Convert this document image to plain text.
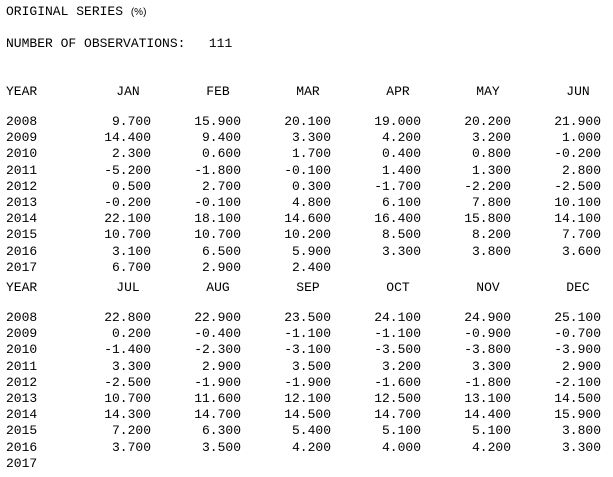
ORIGINAL SERIES (%)
NUMBER OF OBSERVATIONS: 111
YEAR	JAN	FEB	MAR	APR	MAY	JUN
2008	9.700	15.900	20.100	19.000	20.200	21.900
2009	14.400	9.400	3.300	4.200	3.200	1.000
2010	2.300	0.600	1.700	0.400	0.800	-0.200
2011	-5.200	-1.800	-0.100	1.400	1.300	2.800
2012	0.500	2.700	0.300	-1.700	-2.200	-2.500
2013	-0.200	-0.100	4.800	6.100	7.800	10.100
2014	22.100	18.100	14.600	16.400	15.800	14.100
2015	10.700	10.700	10.200	8.500	8.200	7.700
2016	3.100	6.500	5.900	3.300	3.800	3.600
2017	6.700	2.900	2.400
YEAR	JUL	AUG	SEP	OCT	NOV	DEC
2008	22.800	22.900	23.500	24.100	24.900	25.100
2009	0.200	-0.400	-1.100	-1.100	-0.900	-0.700
2010	-1.400	-2.300	-3.100	-3.500	-3.800	-3.900
2011	3.300	2.900	3.500	3.200	3.300	2.900
2012	-2.500	-1.900	-1.900	-1.600	-1.800	-2.100
2013	10.700	11.600	12.100	12.500	13.100	14.500
2014	14.300	14.700	14.500	14.700	14.400	15.900
2015	7.200	6.300	5.400	5.100	5.100	3.800
2016	3.700	3.500	4.200	4.000	4.200	3.300
2017
